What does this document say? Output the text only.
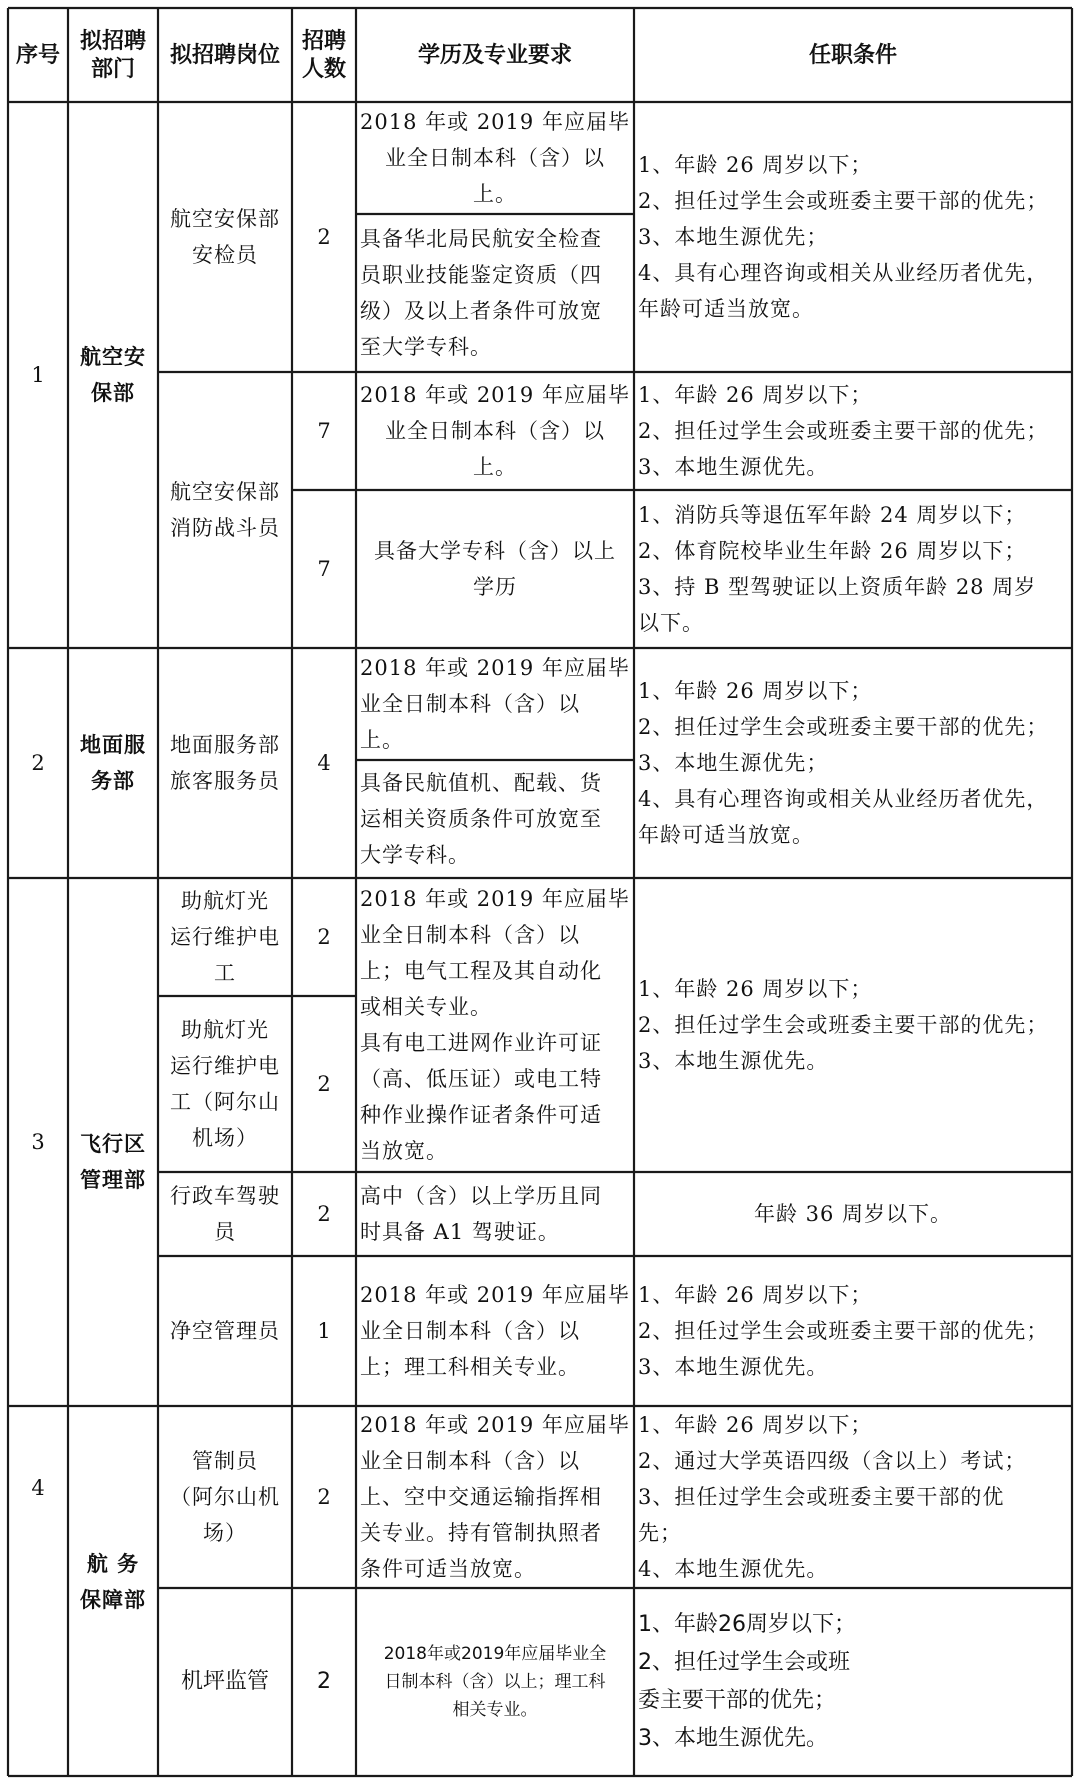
序号
拟招聘
部门
拟招聘岗位
招聘
人数
学历及专业要求	任职条件
1
2
3
4
航空安
保部
地面服
务部
飞行区
管理部
航 务
保障部
航空安保部
安检员
航空安保部
消防战斗员
地面服务部
旅客服务员
助航灯光
运行维护电
工
助航灯光
运行维护电
工（阿尔山
机场）
行政车驾驶
员
净空管理员
管制员
（阿尔山机
场）
机坪监管
2
7
7
4
2
2
2
1
2
2
2018 年或 2019 年应届毕
业全日制本科（含）以
上。
具备华北局民航安全检查
员职业技能鉴定资质（四
级）及以上者条件可放宽
至大学专科。
2018 年或 2019 年应届毕
业全日制本科（含）以
上。
具备大学专科（含）以上
学历
2018 年或 2019 年应届毕
业全日制本科（含）以
上。
具备民航值机、配载、货
运相关资质条件可放宽至
大学专科。
2018 年或 2019 年应届毕
业全日制本科（含）以
上；电气工程及其自动化
或相关专业。
具有电工进网作业许可证
（高、低压证）或电工特
种作业操作证者条件可适
当放宽。
高中（含）以上学历且同
时具备 A1 驾驶证。
2018 年或 2019 年应届毕
业全日制本科（含）以
上；理工科相关专业。
2018 年或 2019 年应届毕
业全日制本科（含）以
上、空中交通运输指挥相
关专业。持有管制执照者
条件可适当放宽。
2018年或2019年应届毕业全
日制本科（含）以上；理工科
相关专业。
1、年龄 26 周岁以下；
2、担任过学生会或班委主要干部的优先；
3、本地生源优先；
4、具有心理咨询或相关从业经历者优先，
年龄可适当放宽。
1、年龄 26 周岁以下；
2、担任过学生会或班委主要干部的优先；
3、本地生源优先。
1、消防兵等退伍军年龄 24 周岁以下；
2、体育院校毕业生年龄 26 周岁以下；
3、持 B 型驾驶证以上资质年龄 28 周岁
以下。
1、年龄 26 周岁以下；
2、担任过学生会或班委主要干部的优先；
3、本地生源优先；
4、具有心理咨询或相关从业经历者优先，
年龄可适当放宽。
1、年龄 26 周岁以下；
2、担任过学生会或班委主要干部的优先；
3、本地生源优先。
年龄 36 周岁以下。
1、年龄 26 周岁以下；
2、担任过学生会或班委主要干部的优先；
3、本地生源优先。
1、年龄 26 周岁以下；
2、通过大学英语四级（含以上）考试；
3、担任过学生会或班委主要干部的优
先；
4、本地生源优先。
1、年龄26周岁以下；
2、担任过学生会或班
委主要干部的优先；
3、本地生源优先。
